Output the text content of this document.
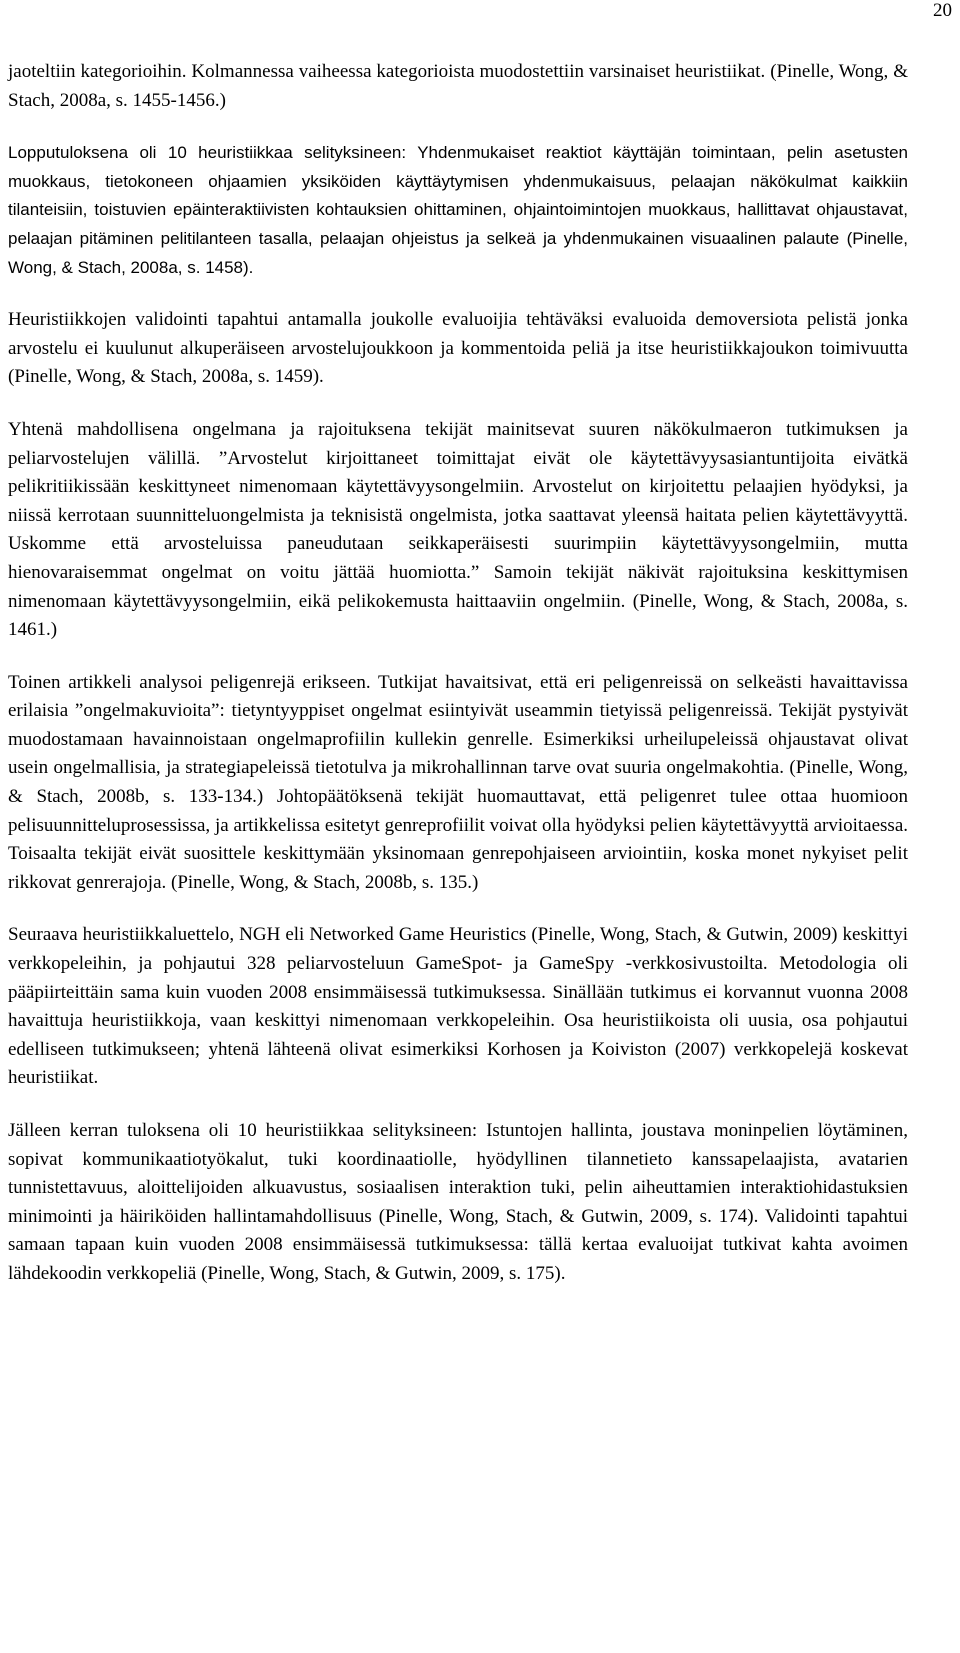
20

jaoteltiin kategorioihin. Kolmannessa vaiheessa kategorioista muodostettiin varsinaiset heuristiikat. (Pinelle, Wong, & Stach, 2008a, s. 1455-1456.)

Lopputuloksena oli 10 heuristiikkaa selityksineen: Yhdenmukaiset reaktiot käyttäjän toimintaan, pelin asetusten muokkaus, tietokoneen ohjaamien yksiköiden käyttäytymisen yhdenmukaisuus, pelaajan näkökulmat kaikkiin tilanteisiin, toistuvien epäinteraktiivisten kohtauksien ohittaminen, ohjaintoimintojen muokkaus, hallittavat ohjaustavat, pelaajan pitäminen pelitilanteen tasalla, pelaajan ohjeistus ja selkeä ja yhdenmukainen visuaalinen palaute (Pinelle, Wong, & Stach, 2008a, s. 1458).

Heuristiikkojen validointi tapahtui antamalla joukolle evaluoijia tehtäväksi evaluoida demoversiota pelistä jonka arvostelu ei kuulunut alkuperäiseen arvostelujoukkoon ja kommentoida peliä ja itse heuristiikkajoukon toimivuutta (Pinelle, Wong, & Stach, 2008a, s. 1459).

Yhtenä mahdollisena ongelmana ja rajoituksena tekijät mainitsevat suuren näkökulmaeron tutkimuksen ja peliarvostelujen välillä. ”Arvostelut kirjoittaneet toimittajat eivät ole käytettävyysasiantuntijoita eivätkä pelikritiikissään keskittyneet nimenomaan käytettävyysongelmiin. Arvostelut on kirjoitettu pelaajien hyödyksi, ja niissä kerrotaan suunnitteluongelmista ja teknisistä ongelmista, jotka saattavat yleensä haitata pelien käytettävyyttä. Uskomme että arvosteluissa paneudutaan seikkaperäisesti suurimpiin käytettävyysongelmiin, mutta hienovaraisemmat ongelmat on voitu jättää huomiotta.” Samoin tekijät näkivät rajoituksina keskittymisen nimenomaan käytettävyysongelmiin, eikä pelikokemusta haittaaviin ongelmiin. (Pinelle, Wong, & Stach, 2008a, s. 1461.)

Toinen artikkeli analysoi peligenrejä erikseen. Tutkijat havaitsivat, että eri peligenreissä on selkeästi havaittavissa erilaisia ”ongelmakuvioita”: tietyntyyppiset ongelmat esiintyivät useammin tietyissä peligenreissä. Tekijät pystyivät muodostamaan havainnoistaan ongelmaprofiilin kullekin genrelle. Esimerkiksi urheilupeleissä ohjaustavat olivat usein ongelmallisia, ja strategiapeleissä tietotulva ja mikrohallinnan tarve ovat suuria ongelmakohtia. (Pinelle, Wong, & Stach, 2008b, s. 133-134.) Johtopäätöksenä tekijät huomauttavat, että peligenret tulee ottaa huomioon pelisuunnitteluprosessissa, ja artikkelissa esitetyt genreprofiilit voivat olla hyödyksi pelien käytettävyyttä arvioitaessa. Toisaalta tekijät eivät suosittele keskittymään yksinomaan genrepohjaiseen arviointiin, koska monet nykyiset pelit rikkovat genrerajoja. (Pinelle, Wong, & Stach, 2008b, s. 135.)

Seuraava heuristiikkaluettelo, NGH eli Networked Game Heuristics (Pinelle, Wong, Stach, & Gutwin, 2009) keskittyi verkkopeleihin, ja pohjautui 328 peliarvosteluun GameSpot- ja GameSpy -verkkosivustoilta. Metodologia oli pääpiirteittäin sama kuin vuoden 2008 ensimmäisessä tutkimuksessa. Sinällään tutkimus ei korvannut vuonna 2008 havaittuja heuristiikkoja, vaan keskittyi nimenomaan verkkopeleihin. Osa heuristiikoista oli uusia, osa pohjautui edelliseen tutkimukseen; yhtenä lähteenä olivat esimerkiksi Korhosen ja Koiviston (2007) verkkopelejä koskevat heuristiikat.

Jälleen kerran tuloksena oli 10 heuristiikkaa selityksineen: Istuntojen hallinta, joustava moninpelien löytäminen, sopivat kommunikaatiotyökalut, tuki koordinaatiolle, hyödyllinen tilannetieto kanssapelaajista, avatarien tunnistettavuus, aloittelijoiden alkuavustus, sosiaalisen interaktion tuki, pelin aiheuttamien interaktiohidastuksien minimointi ja häiriköiden hallintamahdollisuus (Pinelle, Wong, Stach, & Gutwin, 2009, s. 174). Validointi tapahtui samaan tapaan kuin vuoden 2008 ensimmäisessä tutkimuksessa: tällä kertaa evaluoijat tutkivat kahta avoimen lähdekoodin verkkopeliä (Pinelle, Wong, Stach, & Gutwin, 2009, s. 175).
